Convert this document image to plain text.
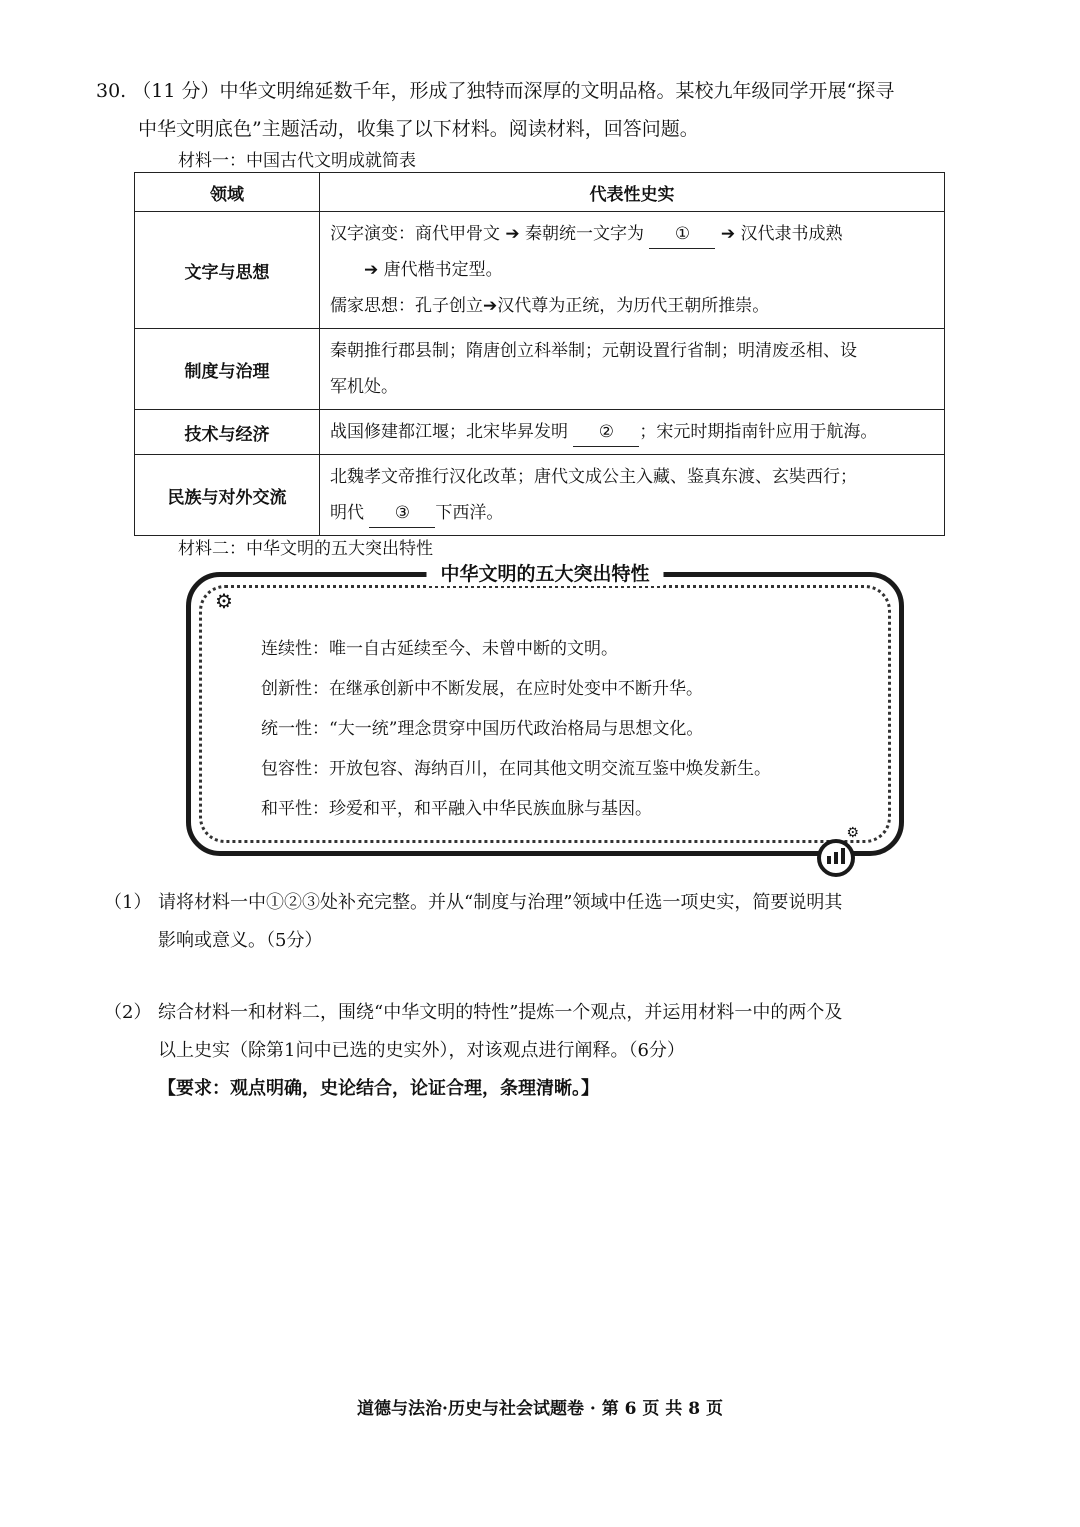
30. （11 分）中华文明绵延数千年，形成了独特而深厚的文明品格。某校九年级同学开展“探寻
中华文明底色”主题活动，收集了以下材料。阅读材料，回答问题。
材料一：中国古代文明成就简表
领域	代表性史实
文字与思想	汉字演变：商代甲骨文 ➔ 秦朝统一文字为 ① ➔ 汉代隶书成熟
➔ 唐代楷书定型。
儒家思想：孔子创立➔汉代尊为正统，为历代王朝所推崇。

制度与治理	秦朝推行郡县制；隋唐创立科举制；元朝设置行省制；明清废丞相、设
军机处。

技术与经济	战国修建都江堰；北宋毕昇发明 ② ；宋元时期指南针应用于航海。

民族与对外交流	北魏孝文帝推行汉化改革；唐代文成公主入藏、鉴真东渡、玄奘西行；
明代 ③ 下西洋。
材料二：中华文明的五大突出特性
中华文明的五大突出特性
⚙
⚙
连续性：唯一自古延续至今、未曾中断的文明。
创新性：在继承创新中不断发展，在应时处变中不断升华。
统一性：“大一统”理念贯穿中国历代政治格局与思想文化。
包容性：开放包容、海纳百川，在同其他文明交流互鉴中焕发新生。
和平性：珍爱和平，和平融入中华民族血脉与基因。
（1） 请将材料一中①②③处补充完整。并从“制度与治理”领域中任选一项史实，简要说明其
影响或意义。（5分）
（2） 综合材料一和材料二，围绕“中华文明的特性”提炼一个观点，并运用材料一中的两个及
以上史实（除第1问中已选的史实外），对该观点进行阐释。（6分）
【要求：观点明确，史论结合，论证合理，条理清晰。】
道德与法治·历史与社会试题卷 · 第 6 页 共 8 页
